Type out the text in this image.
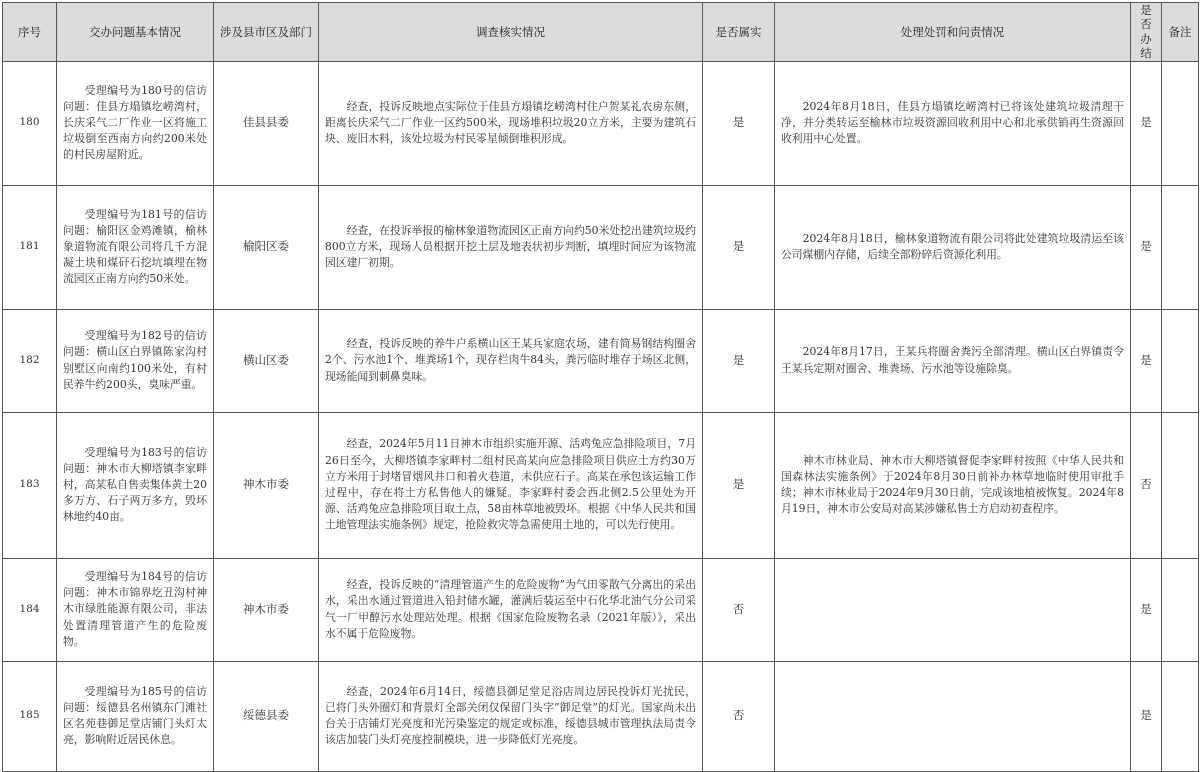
序号	交办问题基本情况	涉及县市区及部门	调查核实情况	是否属实	处理处罚和问责情况	是否办结	备注
180	受理编号为180号的信访问题：佳县方塌镇圪崂湾村，长庆采气二厂作业一区将施工垃圾倒至西南方向约200米处的村民房屋附近。	佳县县委	经查，投诉反映地点实际位于佳县方塌镇圪崂湾村住户贺某礼农房东侧，距离长庆采气二厂作业一区约500米，现场堆积垃圾20立方米，主要为建筑石块、废旧木料，该处垃圾为村民零星倾倒堆积形成。	是	2024年8月18日，佳县方塌镇圪崂湾村已将该处建筑垃圾清理干净，并分类转运至榆林市垃圾资源回收利用中心和北承供销再生资源回收利用中心处置。	是	
181	受理编号为181号的信访问题：榆阳区金鸡滩镇，榆林象道物流有限公司将几千方混凝土块和煤矸石挖坑填埋在物流园区正南方向约50米处。	榆阳区委	经查，在投诉举报的榆林象道物流园区正南方向约50米处挖出建筑垃圾约800立方米，现场人员根据开挖土层及地表状初步判断，填埋时间应为该物流园区建厂初期。	是	2024年8月18日，榆林象道物流有限公司将此处建筑垃圾清运至该公司煤棚内存储，后续全部粉碎后资源化利用。	是	
182	受理编号为182号的信访问题：横山区白界镇陈家沟村别墅区向南约100米处，有村民养牛约200头，臭味严重。	横山区委	经查，投诉反映的养牛户系横山区王某兵家庭农场，建有简易钢结构圈舍2个、污水池1个、堆粪场1个，现存栏肉牛84头，粪污临时堆存于场区北侧，现场能闻到刺鼻臭味。	是	2024年8月17日，王某兵将圈舍粪污全部清理。横山区白界镇责令王某兵定期对圈舍、堆粪场、污水池等设施除臭。	是	
183	受理编号为183号的信访问题：神木市大柳塔镇李家畔村，高某私自售卖集体黄土20多万方、石子两万多方，毁坏林地约40亩。	神木市委	经查，2024年5月11日神木市组织实施开源、活鸡兔应急排险项目，7月26日至今，大柳塔镇李家畔村二组村民高某向应急排险项目供应土方约30万立方米用于封堵冒烟风井口和着火巷道，未供应石子。高某在承包该运输工作过程中，存在将土方私售他人的嫌疑。李家畔村委会西北侧2.5公里处为开源、活鸡兔应急排险项目取土点，58亩林草地被毁坏。根据《中华人民共和国土地管理法实施条例》规定，抢险救灾等急需使用土地的，可以先行使用。	是	神木市林业局、神木市大柳塔镇督促李家畔村按照《中华人民共和国森林法实施条例》于2024年8月30日前补办林草地临时使用审批手续；神木市林业局于2024年9月30日前，完成该地植被恢复。2024年8月19日，神木市公安局对高某涉嫌私售土方启动初查程序。	否	
184	受理编号为184号的信访问题：神木市锦界圪丑沟村神木市绿胜能源有限公司，非法处置清理管道产生的危险废物。	神木市委	经查，投诉反映的“清理管道产生的危险废物”为气田零散气分离出的采出水，采出水通过管道进入铅封储水罐，灌满后装运至中石化华北油气分公司采气一厂甲醇污水处理站处理。根据《国家危险废物名录（2021年版）》，采出水不属于危险废物。	否		是	
185	受理编号为185号的信访问题：绥德县名州镇东门滩社区名苑巷御足堂店铺门头灯太亮，影响附近居民休息。	绥德县委	经查，2024年6月14日，绥德县御足堂足浴店周边居民投诉灯光扰民，已将门头外圈灯和背景灯全部关闭仅保留门头字“御足堂”的灯光。国家尚未出台关于店铺灯光亮度和光污染鉴定的规定或标准，绥德县城市管理执法局责令该店加装门头灯亮度控制模块，进一步降低灯光亮度。	否		是	
